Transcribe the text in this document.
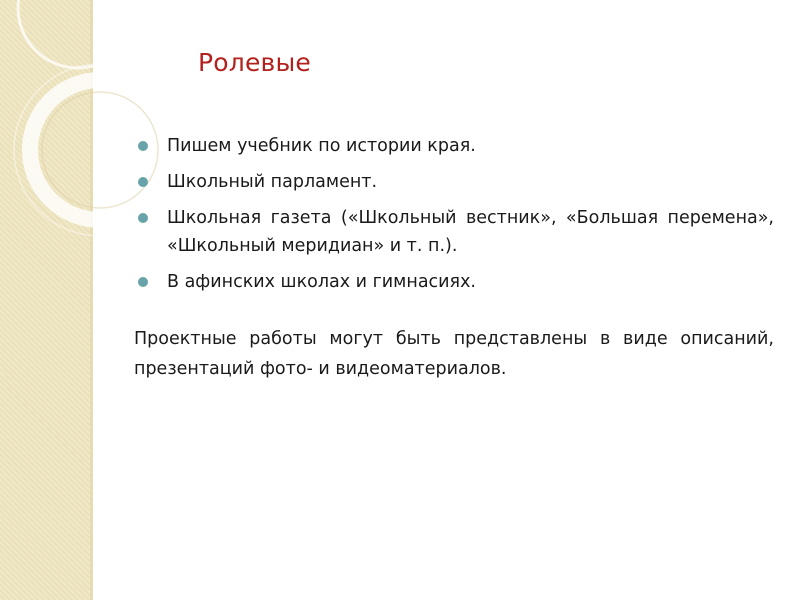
Ролевые
Пишем учебник по истории края.
Школьный парламент.
Школьная газета («Школьный вестник», «Большая перемена», «Школьный меридиан» и т. п.).
В афинских школах и гимнасиях.

Проектные работы могут быть представлены в виде описаний, презентаций фото- и видеоматериалов.
